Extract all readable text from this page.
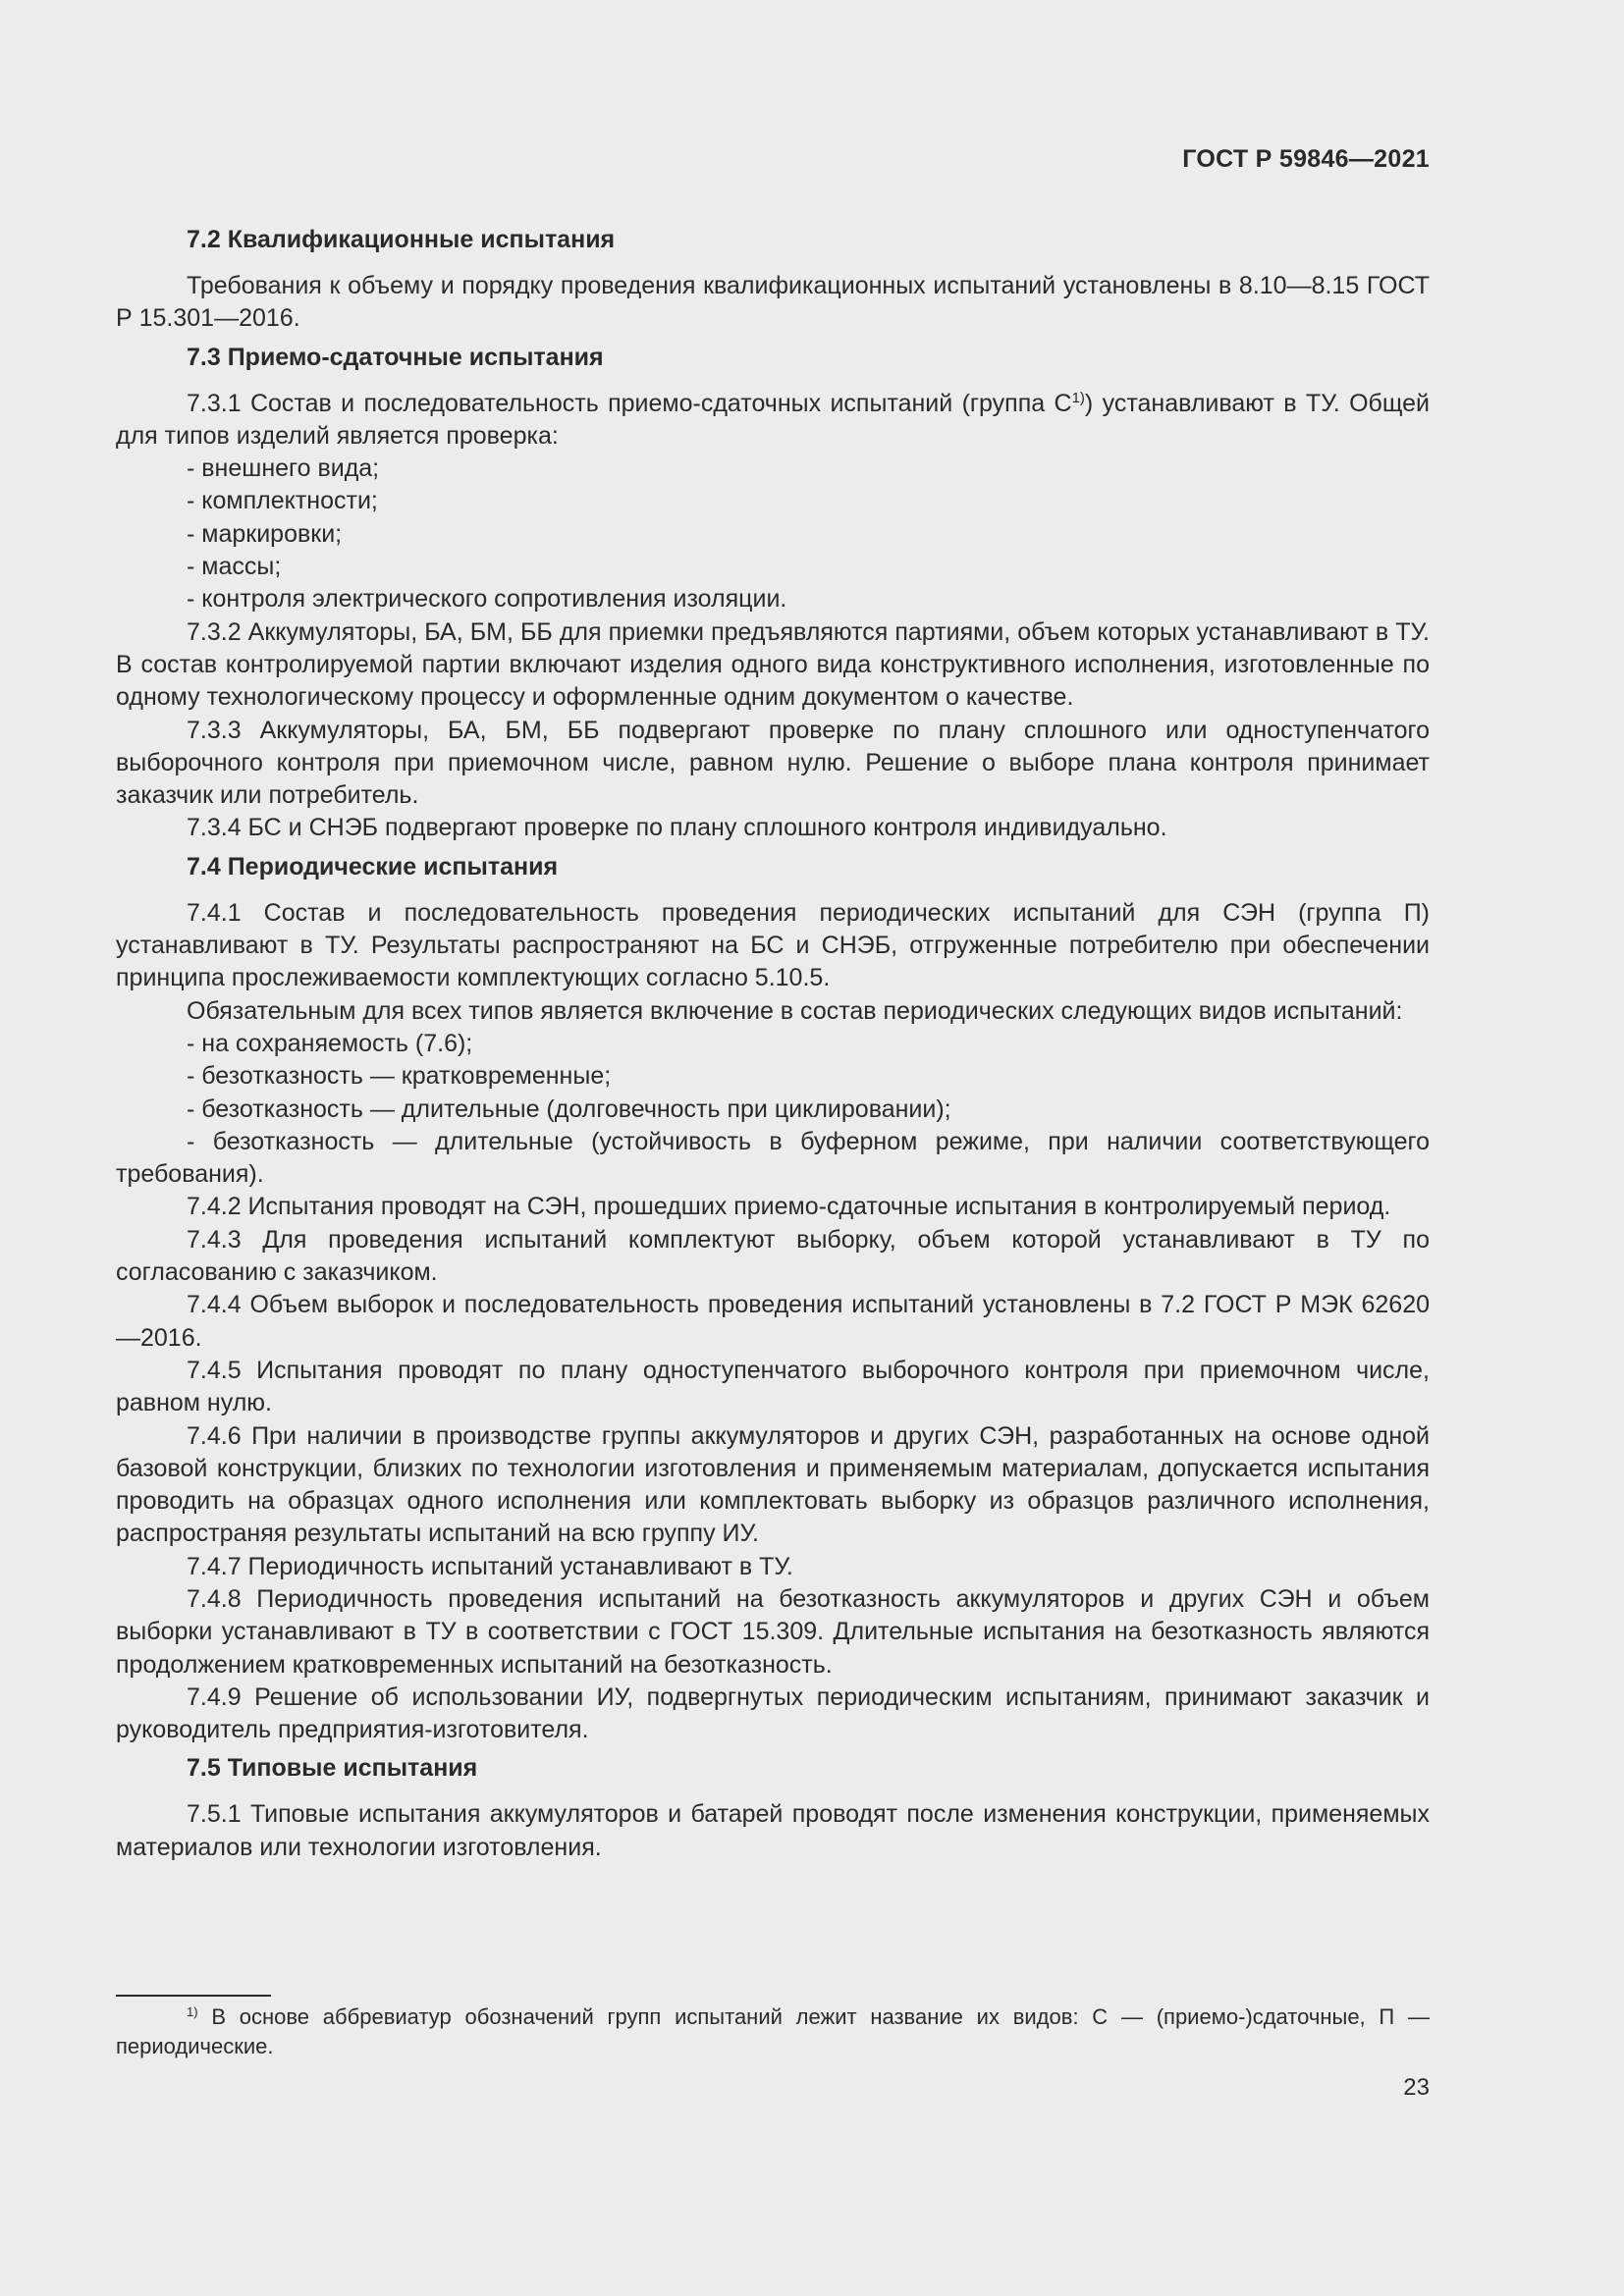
ГОСТ Р 59846—2021
7.2 Квалификационные испытания

Требования к объему и порядку проведения квалификационных испытаний установлены в 8.10—8.15 ГОСТ Р 15.301—2016.

7.3 Приемо-сдаточные испытания

7.3.1 Состав и последовательность приемо-сдаточных испытаний (группа $С^{1)}$) устанавливают в ТУ. Общей для типов изделий является проверка:

- внешнего вида;

- комплектности;

- маркировки;

- массы;

- контроля электрического сопротивления изоляции.

7.3.2 Аккумуляторы, БА, БМ, ББ для приемки предъявляются партиями, объем которых устанавливают в ТУ. В состав контролируемой партии включают изделия одного вида конструктивного исполнения, изготовленные по одному технологическому процессу и оформленные одним документом о качестве.

7.3.3 Аккумуляторы, БА, БМ, ББ подвергают проверке по плану сплошного или одноступенчатого выборочного контроля при приемочном числе, равном нулю. Решение о выборе плана контроля принимает заказчик или потребитель.

7.3.4 БС и СНЭБ подвергают проверке по плану сплошного контроля индивидуально.

7.4 Периодические испытания

7.4.1 Состав и последовательность проведения периодических испытаний для СЭН (группа П) устанавливают в ТУ. Результаты распространяют на БС и СНЭБ, отгруженные потребителю при обеспечении принципа прослеживаемости комплектующих согласно 5.10.5.

Обязательным для всех типов является включение в состав периодических следующих видов испытаний:

- на сохраняемость (7.6);

- безотказность — кратковременные;

- безотказность — длительные (долговечность при циклировании);

- безотказность — длительные (устойчивость в буферном режиме, при наличии соответствующего требования).

7.4.2 Испытания проводят на СЭН, прошедших приемо-сдаточные испытания в контролируемый период.

7.4.3 Для проведения испытаний комплектуют выборку, объем которой устанавливают в ТУ по согласованию с заказчиком.

7.4.4 Объем выборок и последовательность проведения испытаний установлены в 7.2 ГОСТ Р МЭК 62620—2016.

7.4.5 Испытания проводят по плану одноступенчатого выборочного контроля при приемочном числе, равном нулю.

7.4.6 При наличии в производстве группы аккумуляторов и других СЭН, разработанных на основе одной базовой конструкции, близких по технологии изготовления и применяемым материалам, допускается испытания проводить на образцах одного исполнения или комплектовать выборку из образцов различного исполнения, распространяя результаты испытаний на всю группу ИУ.

7.4.7 Периодичность испытаний устанавливают в ТУ.

7.4.8 Периодичность проведения испытаний на безотказность аккумуляторов и других СЭН и объем выборки устанавливают в ТУ в соответствии с ГОСТ 15.309. Длительные испытания на безотказность являются продолжением кратковременных испытаний на безотказность.

7.4.9 Решение об использовании ИУ, подвергнутых периодическим испытаниям, принимают заказчик и руководитель предприятия-изготовителя.

7.5 Типовые испытания

7.5.1 Типовые испытания аккумуляторов и батарей проводят после изменения конструкции, применяемых материалов или технологии изготовления.

$^{1)}$ В основе аббревиатур обозначений групп испытаний лежит название их видов: С — (приемо-)сдаточные, П — периодические.

23
